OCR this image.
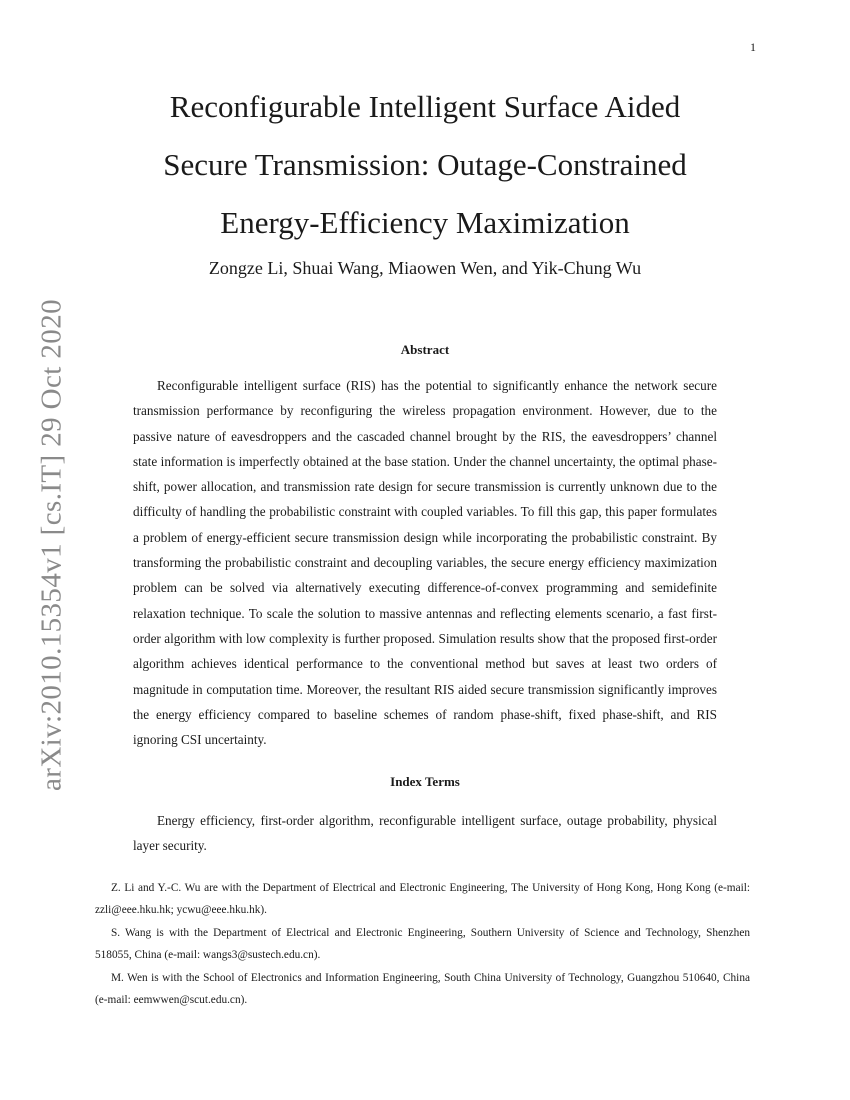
1
arXiv:2010.15354v1 [cs.IT] 29 Oct 2020
Reconfigurable Intelligent Surface Aided
Secure Transmission: Outage-Constrained
Energy-Efficiency Maximization
Zongze Li, Shuai Wang, Miaowen Wen, and Yik-Chung Wu
Abstract

Reconfigurable intelligent surface (RIS) has the potential to significantly enhance the network secure transmission performance by reconfiguring the wireless propagation environment. However, due to the passive nature of eavesdroppers and the cascaded channel brought by the RIS, the eavesdroppers’ channel state information is imperfectly obtained at the base station. Under the channel uncertainty, the optimal phase-shift, power allocation, and transmission rate design for secure transmission is currently unknown due to the difficulty of handling the probabilistic constraint with coupled variables. To fill this gap, this paper formulates a problem of energy-efficient secure transmission design while incorporating the probabilistic constraint. By transforming the probabilistic constraint and decoupling variables, the secure energy efficiency maximization problem can be solved via alternatively executing difference-of-convex programming and semidefinite relaxation technique. To scale the solution to massive antennas and reflecting elements scenario, a fast first-order algorithm with low complexity is further proposed. Simulation results show that the proposed first-order algorithm achieves identical performance to the conventional method but saves at least two orders of magnitude in computation time. Moreover, the resultant RIS aided secure transmission significantly improves the energy efficiency compared to baseline schemes of random phase-shift, fixed phase-shift, and RIS ignoring CSI uncertainty.

Index Terms

Energy efficiency, first-order algorithm, reconfigurable intelligent surface, outage probability, physical layer security.

Z. Li and Y.-C. Wu are with the Department of Electrical and Electronic Engineering, The University of Hong Kong, Hong Kong (e-mail: zzli@eee.hku.hk; ycwu@eee.hku.hk).

S. Wang is with the Department of Electrical and Electronic Engineering, Southern University of Science and Technology, Shenzhen 518055, China (e-mail: wangs3@sustech.edu.cn).

M. Wen is with the School of Electronics and Information Engineering, South China University of Technology, Guangzhou 510640, China (e-mail: eemwwen@scut.edu.cn).
